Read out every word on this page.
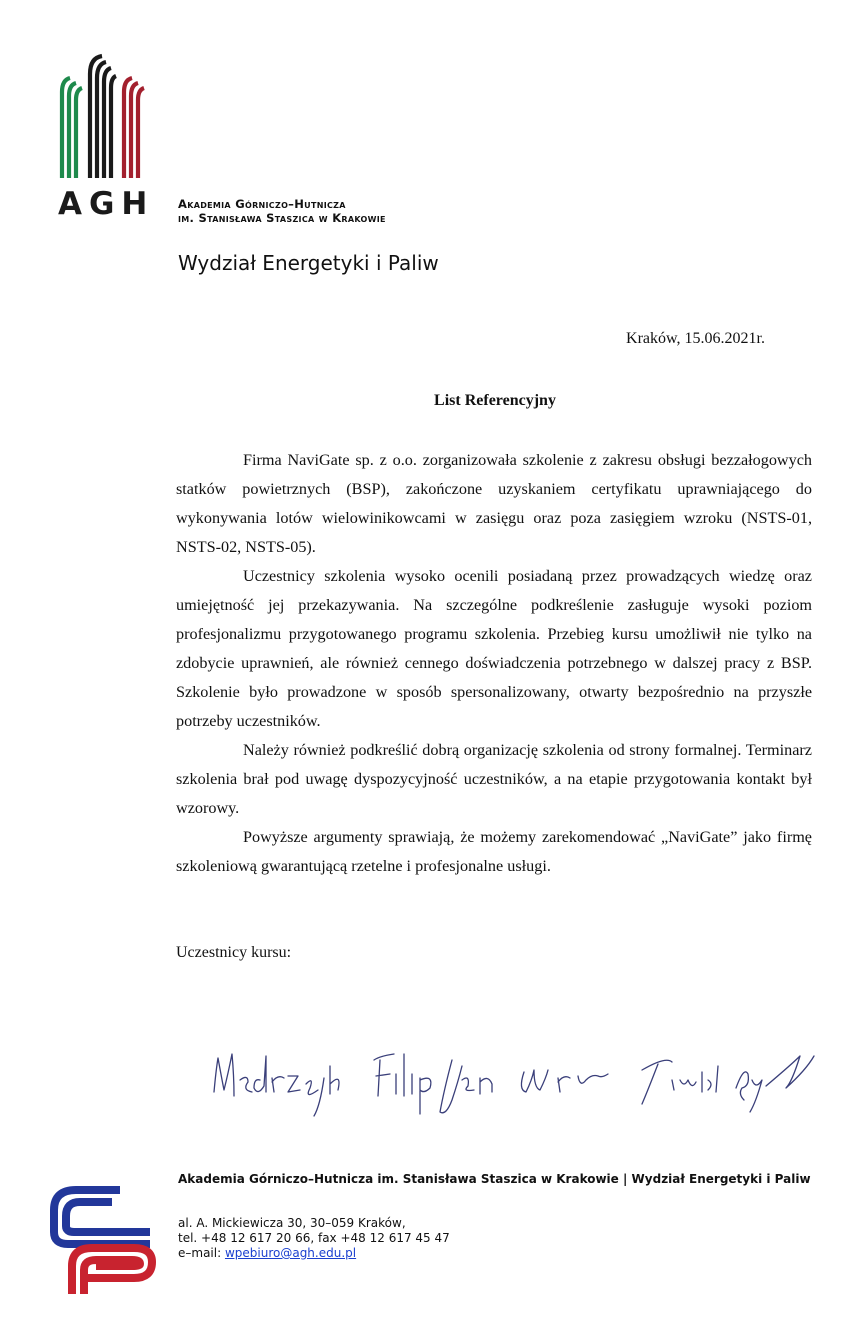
AGH Akademia Górniczo–Hutnicza
im. Stanisława Staszica w Krakowie
Wydział Energetyki i Paliw
Kraków, 15.06.2021r.
List Referencyjny

Firma NaviGate sp. z o.o. zorganizowała szkolenie z zakresu obsługi bezzałogowych statków powietrznych (BSP), zakończone uzyskaniem certyfikatu uprawniającego do wykonywania lotów wielowinikowcami w zasięgu oraz poza zasięgiem wzroku (NSTS-01, NSTS-02, NSTS-05).

Uczestnicy szkolenia wysoko ocenili posiadaną przez prowadzących wiedzę oraz umiejętność jej przekazywania. Na szczególne podkreślenie zasługuje wysoki poziom profesjonalizmu przygotowanego programu szkolenia. Przebieg kursu umożliwił nie tylko na zdobycie uprawnień, ale również cennego doświadczenia potrzebnego w dalszej pracy z BSP. Szkolenie było prowadzone w sposób spersonalizowany, otwarty bezpośrednio na przyszłe potrzeby uczestników.

Należy również podkreślić dobrą organizację szkolenia od strony formalnej. Terminarz szkolenia brał pod uwagę dyspozycyjność uczestników, a na etapie przygotowania kontakt był wzorowy.

Powyższe argumenty sprawiają, że możemy zarekomendować „NaviGate” jako firmę szkoleniową gwarantującą rzetelne i profesjonalne usługi.

Uczestnicy kursu:
Akademia Górniczo–Hutnicza im. Stanisława Staszica w Krakowie | Wydział Energetyki i Paliw
al. A. Mickiewicza 30, 30–059 Kraków,
tel. +48 12 617 20 66, fax +48 12 617 45 47
e–mail: wpebiuro@agh.edu.pl
